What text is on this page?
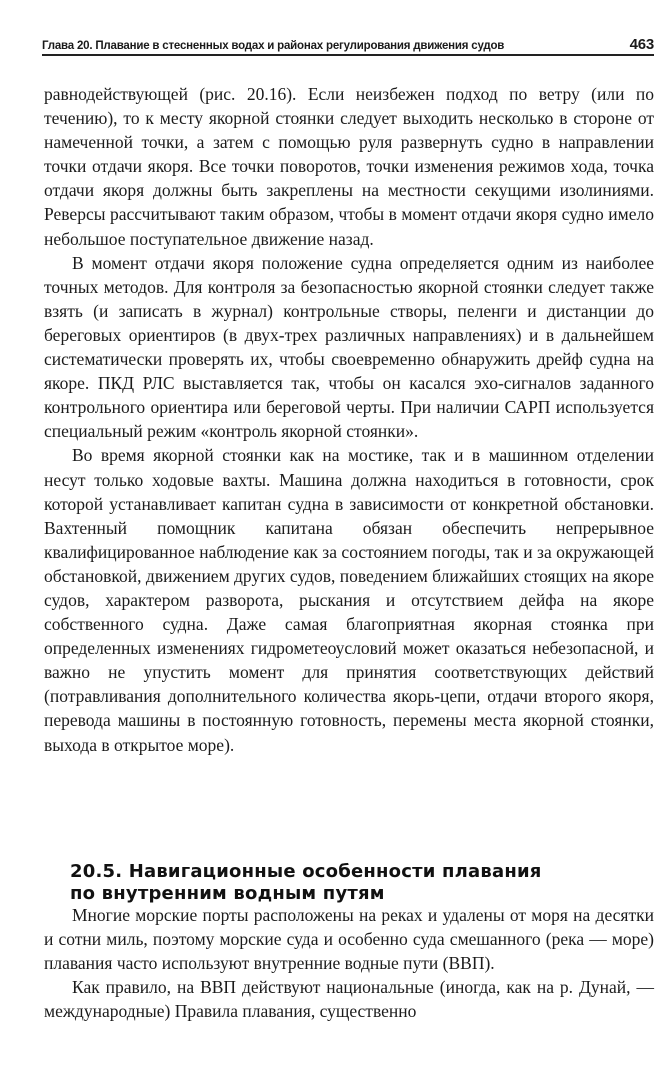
Глава 20. Плавание в стесненных водах и районах регулирования движения судов	463

равнодействующей (рис. 20.16). Если неизбежен подход по ветру (или по течению), то к месту якорной стоянки следует выходить несколько в стороне от намеченной точки, а затем с помощью руля развернуть судно в направлении точки отдачи якоря. Все точки поворотов, точки изменения режимов хода, точка отдачи якоря должны быть закреплены на местности секущими изолиниями. Реверсы рассчитывают таким образом, чтобы в момент отдачи якоря судно имело небольшое поступательное движение назад.

В момент отдачи якоря положение судна определяется одним из наиболее точных методов. Для контроля за безопасностью якорной стоянки следует также взять (и записать в журнал) контрольные створы, пеленги и дистанции до береговых ориентиров (в двух-трех различных направлениях) и в дальнейшем систематически проверять их, чтобы своевременно обнаружить дрейф судна на якоре. ПКД РЛС выставляется так, чтобы он касался эхо-сигналов заданного контрольного ориентира или береговой черты. При наличии САРП используется специальный режим «контроль якорной стоянки».

Во время якорной стоянки как на мостике, так и в машинном отделении несут только ходовые вахты. Машина должна находиться в готовности, срок которой устанавливает капитан судна в зависимости от конкретной обстановки. Вахтенный помощник капитана обязан обеспечить непрерывное квалифицированное наблюдение как за состоянием погоды, так и за окружающей обстановкой, движением других судов, поведением ближайших стоящих на якоре судов, характером разворота, рыскания и отсутствием дейфа на якоре собственного судна. Даже самая благоприятная якорная стоянка при определенных изменениях гидрометеоусловий может оказаться небезопасной, и важно не упустить момент для принятия соответствующих действий (потравливания дополнительного количества якорь-цепи, отдачи второго якоря, перевода машины в постоянную готовность, перемены места якорной стоянки, выхода в открытое море).

20.5. Навигационные особенности плавания
по внутренним водным путям

Многие морские порты расположены на реках и удалены от моря на десятки и сотни миль, поэтому морские суда и особенно суда смешанного (река — море) плавания часто используют внутренние водные пути (ВВП).

Как правило, на ВВП действуют национальные (иногда, как на р. Дунай, — международные) Правила плавания, существенно
